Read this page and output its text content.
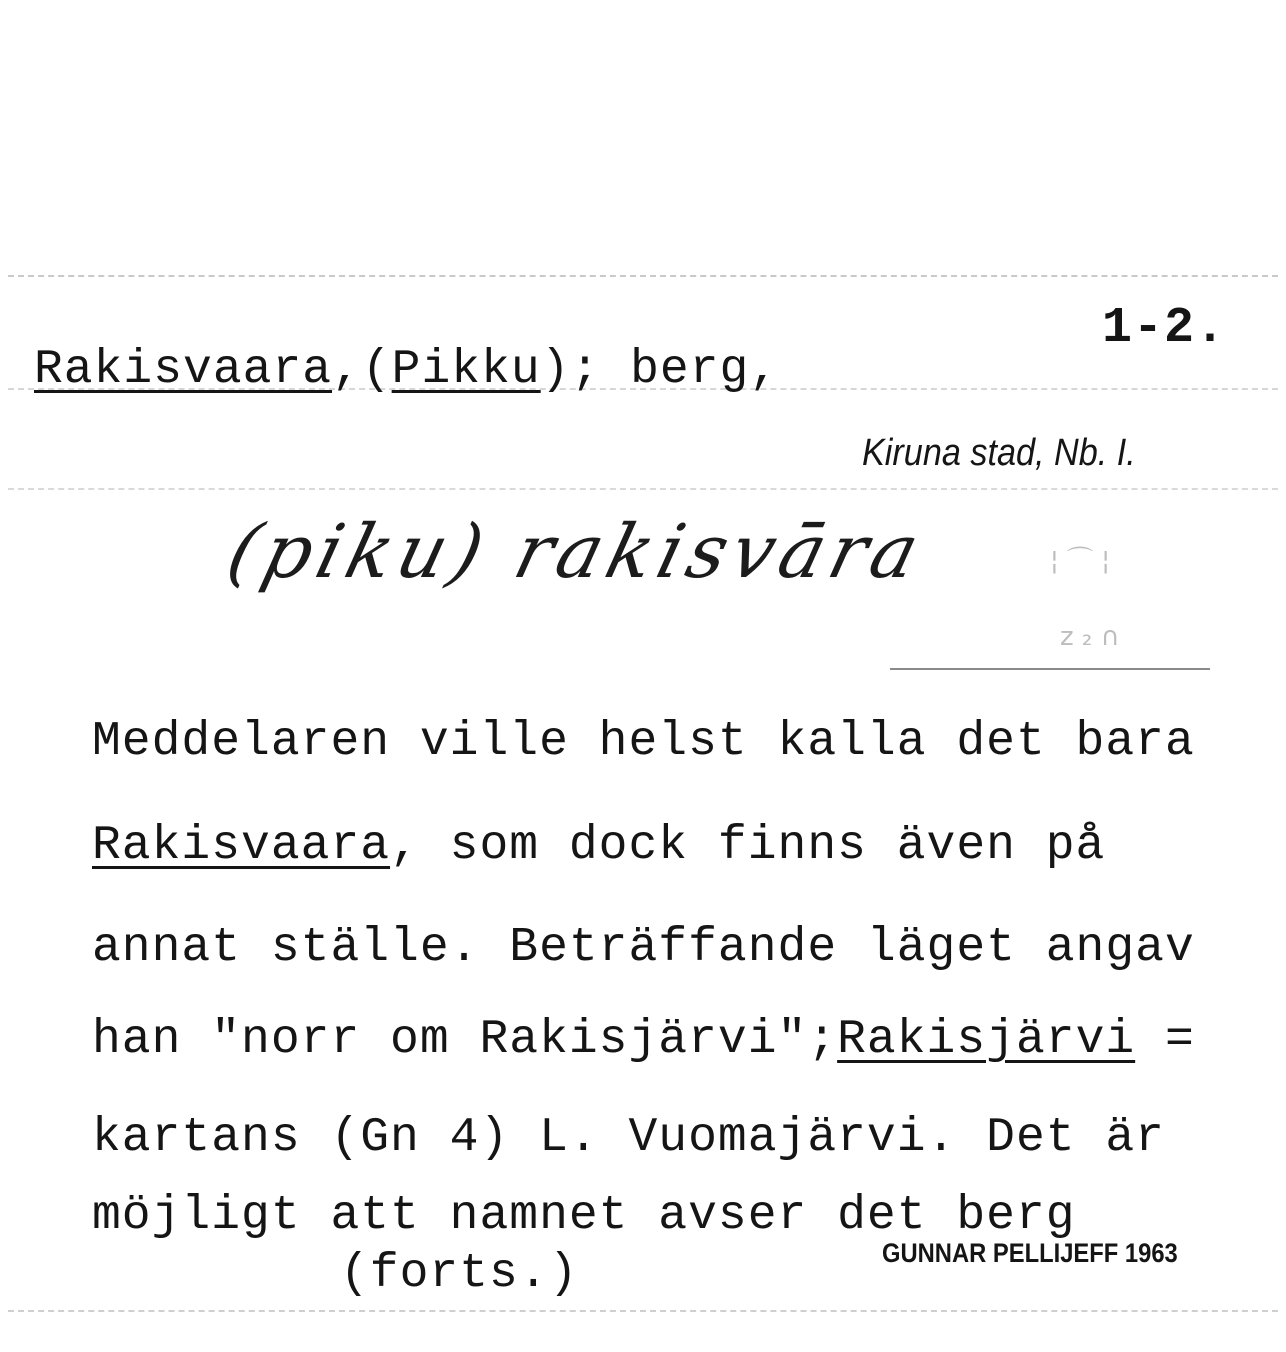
¦ ⌒ ¦
z ₂ ∩
1-2.
Rakisvaara,(Pikku); berg,
Kiruna stad, Nb. I.
(piku) rakisvāra
Meddelaren ville helst kalla det bara
Rakisvaara, som dock finns även på
annat ställe. Beträffande läget angav
han "norr om Rakisjärvi";Rakisjärvi =
kartans (Gn 4) L. Vuomajärvi. Det är
möjligt att namnet avser det berg
(forts.)	GUNNAR PELLIJEFF 1963
